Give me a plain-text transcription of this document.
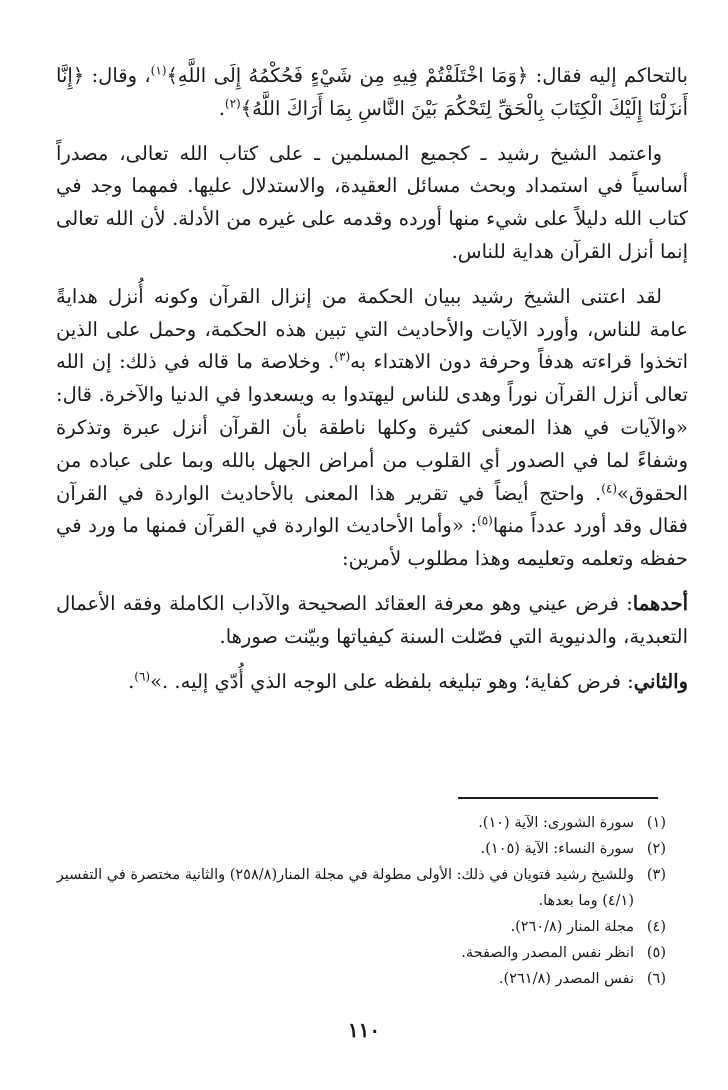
بالتحاكم إليه فقال: ﴿وَمَا اخْتَلَفْتُمْ فِيهِ مِن شَيْءٍ فَحُكْمُهُ إِلَى اللَّهِ﴾$^{(١)}$، وقال: ﴿إِنَّا أَنزَلْنَا إِلَيْكَ الْكِتَابَ بِالْحَقِّ لِتَحْكُمَ بَيْنَ النَّاسِ بِمَا أَرَاكَ اللَّهُ﴾$^{(٢)}$.

واعتمد الشيخ رشيد ـ كجميع المسلمين ـ على كتاب الله تعالى، مصدراً أساسياً في استمداد وبحث مسائل العقيدة، والاستدلال عليها. فمهما وجد في كتاب الله دليلاً على شيء منها أورده وقدمه على غيره من الأدلة. لأن الله تعالى إنما أنزل القرآن هداية للناس.

لقد اعتنى الشيخ رشيد ببيان الحكمة من إنزال القرآن وكونه أُنزل هدايةً عامة للناس، وأورد الآيات والأحاديث التي تبين هذه الحكمة، وحمل على الذين اتخذوا قراءته هدفاً وحرفة دون الاهتداء به$^{(٣)}$. وخلاصة ما قاله في ذلك: إن الله تعالى أنزل القرآن نوراً وهدى للناس ليهتدوا به ويسعدوا في الدنيا والآخرة. قال: «والآيات في هذا المعنى كثيرة وكلها ناطقة بأن القرآن أنزل عبرة وتذكرة وشفاءً لما في الصدور أي القلوب من أمراض الجهل بالله وبما على عباده من الحقوق»$^{(٤)}$. واحتج أيضاً في تقرير هذا المعنى بالأحاديث الواردة في القرآن فقال وقد أورد عدداً منها$^{(٥)}$: «وأما الأحاديث الواردة في القرآن فمنها ما ورد في حفظه وتعلمه وتعليمه وهذا مطلوب لأمرين:

أحدهما: فرض عيني وهو معرفة العقائد الصحيحة والآداب الكاملة وفقه الأعمال التعبدية، والدنيوية التي فصّلت السنة كيفياتها وبيّنت صورها.

والثاني: فرض كفاية؛ وهو تبليغه بلفظه على الوجه الذي أُدّي إليه. .»$^{(٦)}$.

(١)
سورة الشورى: الآية (١٠).
(٢)
سورة النساء: الآية (١٠٥).
(٣)
وللشيخ رشيد فتويان في ذلك: الأولى مطولة في مجلة المنار(٢٥٨/٨) والثانية مختصرة في التفسير (٤/١) وما بعدها.
(٤)
مجلة المنار (٢٦٠/٨).
(٥)
انظر نفس المصدر والصفحة.
(٦)
نفس المصدر (٢٦١/٨).
١١٠
